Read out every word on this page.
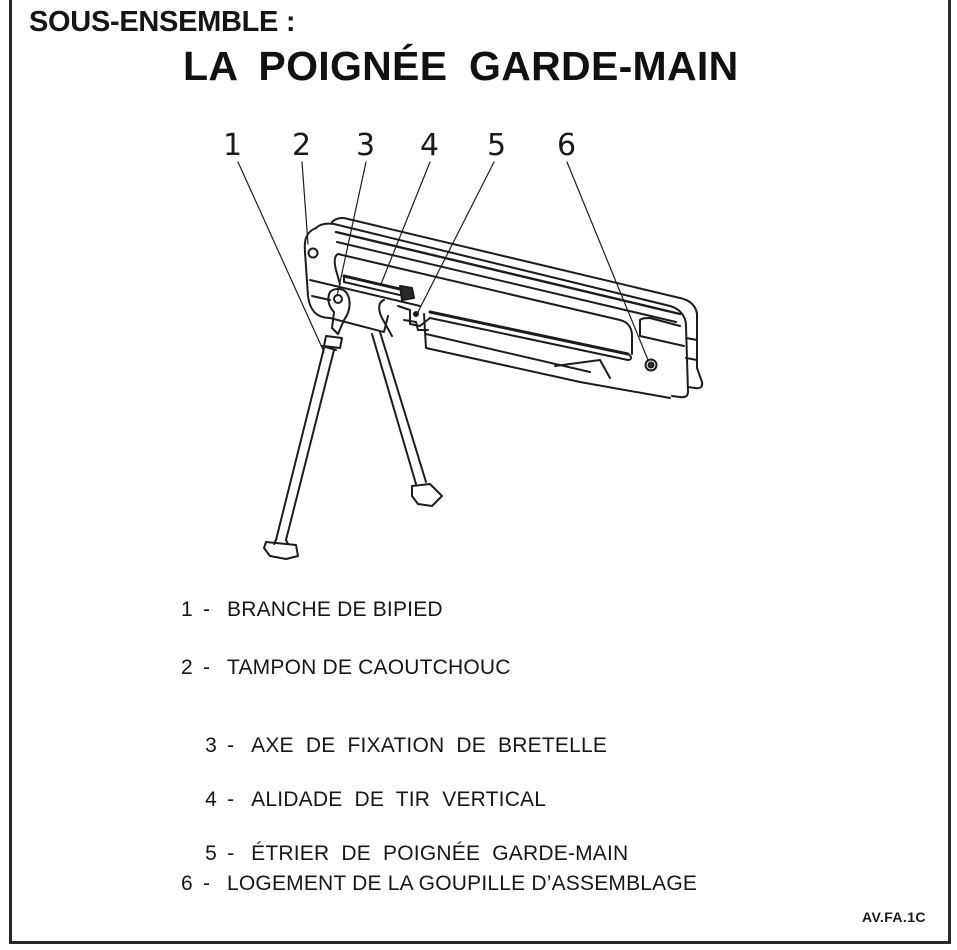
SOUS-ENSEMBLE :
LA POIGNÉE GARDE-MAIN
1 2 3 4 5 6
1 - BRANCHE DE BIPIED
2 - TAMPON DE CAOUTCHOUC

3 - AXE  DE  FIXATION  DE  BRETELLE

4 - ALIDADE  DE  TIR  VERTICAL

5 - ÉTRIER  DE  POIGNÉE  GARDE-MAIN

6 - LOGEMENT DE LA GOUPILLE D’ASSEMBLAGE
AV.FA.1C
